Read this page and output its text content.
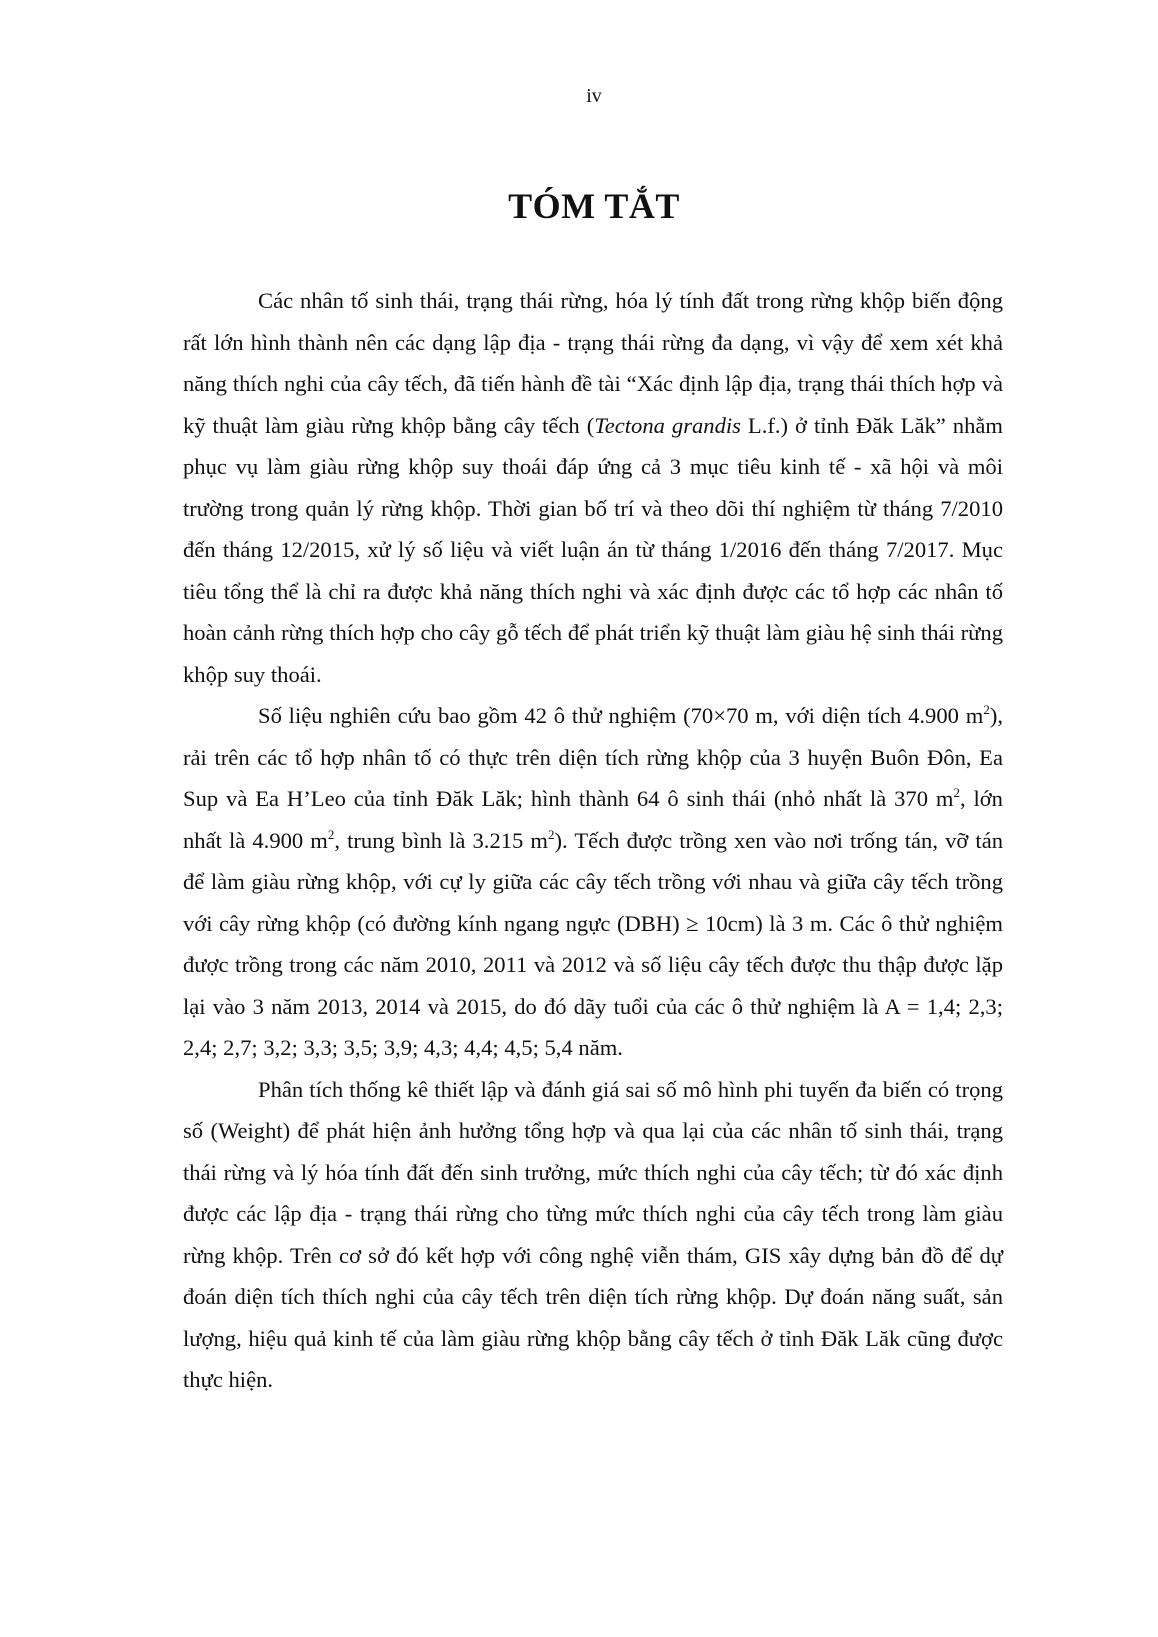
iv
TÓM TẮT

Các nhân tố sinh thái, trạng thái rừng, hóa lý tính đất trong rừng khộp biến động rất lớn hình thành nên các dạng lập địa - trạng thái rừng đa dạng, vì vậy để xem xét khả năng thích nghi của cây tếch, đã tiến hành đề tài “Xác định lập địa, trạng thái thích hợp và kỹ thuật làm giàu rừng khộp bằng cây tếch (Tectona grandis L.f.) ở tỉnh Đăk Lăk” nhằm phục vụ làm giàu rừng khộp suy thoái đáp ứng cả 3 mục tiêu kinh tế - xã hội và môi trường trong quản lý rừng khộp. Thời gian bố trí và theo dõi thí nghiệm từ tháng 7/2010 đến tháng 12/2015, xử lý số liệu và viết luận án từ tháng 1/2016 đến tháng 7/2017. Mục tiêu tổng thể là chỉ ra được khả năng thích nghi và xác định được các tổ hợp các nhân tố hoàn cảnh rừng thích hợp cho cây gỗ tếch để phát triển kỹ thuật làm giàu hệ sinh thái rừng khộp suy thoái.

Số liệu nghiên cứu bao gồm 42 ô thử nghiệm (70×70 m, với diện tích 4.900 $m^2$), rải trên các tổ hợp nhân tố có thực trên diện tích rừng khộp của 3 huyện Buôn Đôn, Ea Sup và Ea H’Leo của tỉnh Đăk Lăk; hình thành 64 ô sinh thái (nhỏ nhất là 370 $m^2$, lớn nhất là 4.900 $m^2$, trung bình là 3.215 $m^2$). Tếch được trồng xen vào nơi trống tán, vỡ tán để làm giàu rừng khộp, với cự ly giữa các cây tếch trồng với nhau và giữa cây tếch trồng với cây rừng khộp (có đường kính ngang ngực (DBH) ≥ 10cm) là 3 m. Các ô thử nghiệm được trồng trong các năm 2010, 2011 và 2012 và số liệu cây tếch được thu thập được lặp lại vào 3 năm 2013, 2014 và 2015, do đó dãy tuổi của các ô thử nghiệm là A = 1,4; 2,3; 2,4; 2,7; 3,2; 3,3; 3,5; 3,9; 4,3; 4,4; 4,5; 5,4 năm.

Phân tích thống kê thiết lập và đánh giá sai số mô hình phi tuyến đa biến có trọng số (Weight) để phát hiện ảnh hưởng tổng hợp và qua lại của các nhân tố sinh thái, trạng thái rừng và lý hóa tính đất đến sinh trưởng, mức thích nghi của cây tếch; từ đó xác định được các lập địa - trạng thái rừng cho từng mức thích nghi của cây tếch trong làm giàu rừng khộp. Trên cơ sở đó kết hợp với công nghệ viễn thám, GIS xây dựng bản đồ để dự đoán diện tích thích nghi của cây tếch trên diện tích rừng khộp. Dự đoán năng suất, sản lượng, hiệu quả kinh tế của làm giàu rừng khộp bằng cây tếch ở tỉnh Đăk Lăk cũng được thực hiện.
